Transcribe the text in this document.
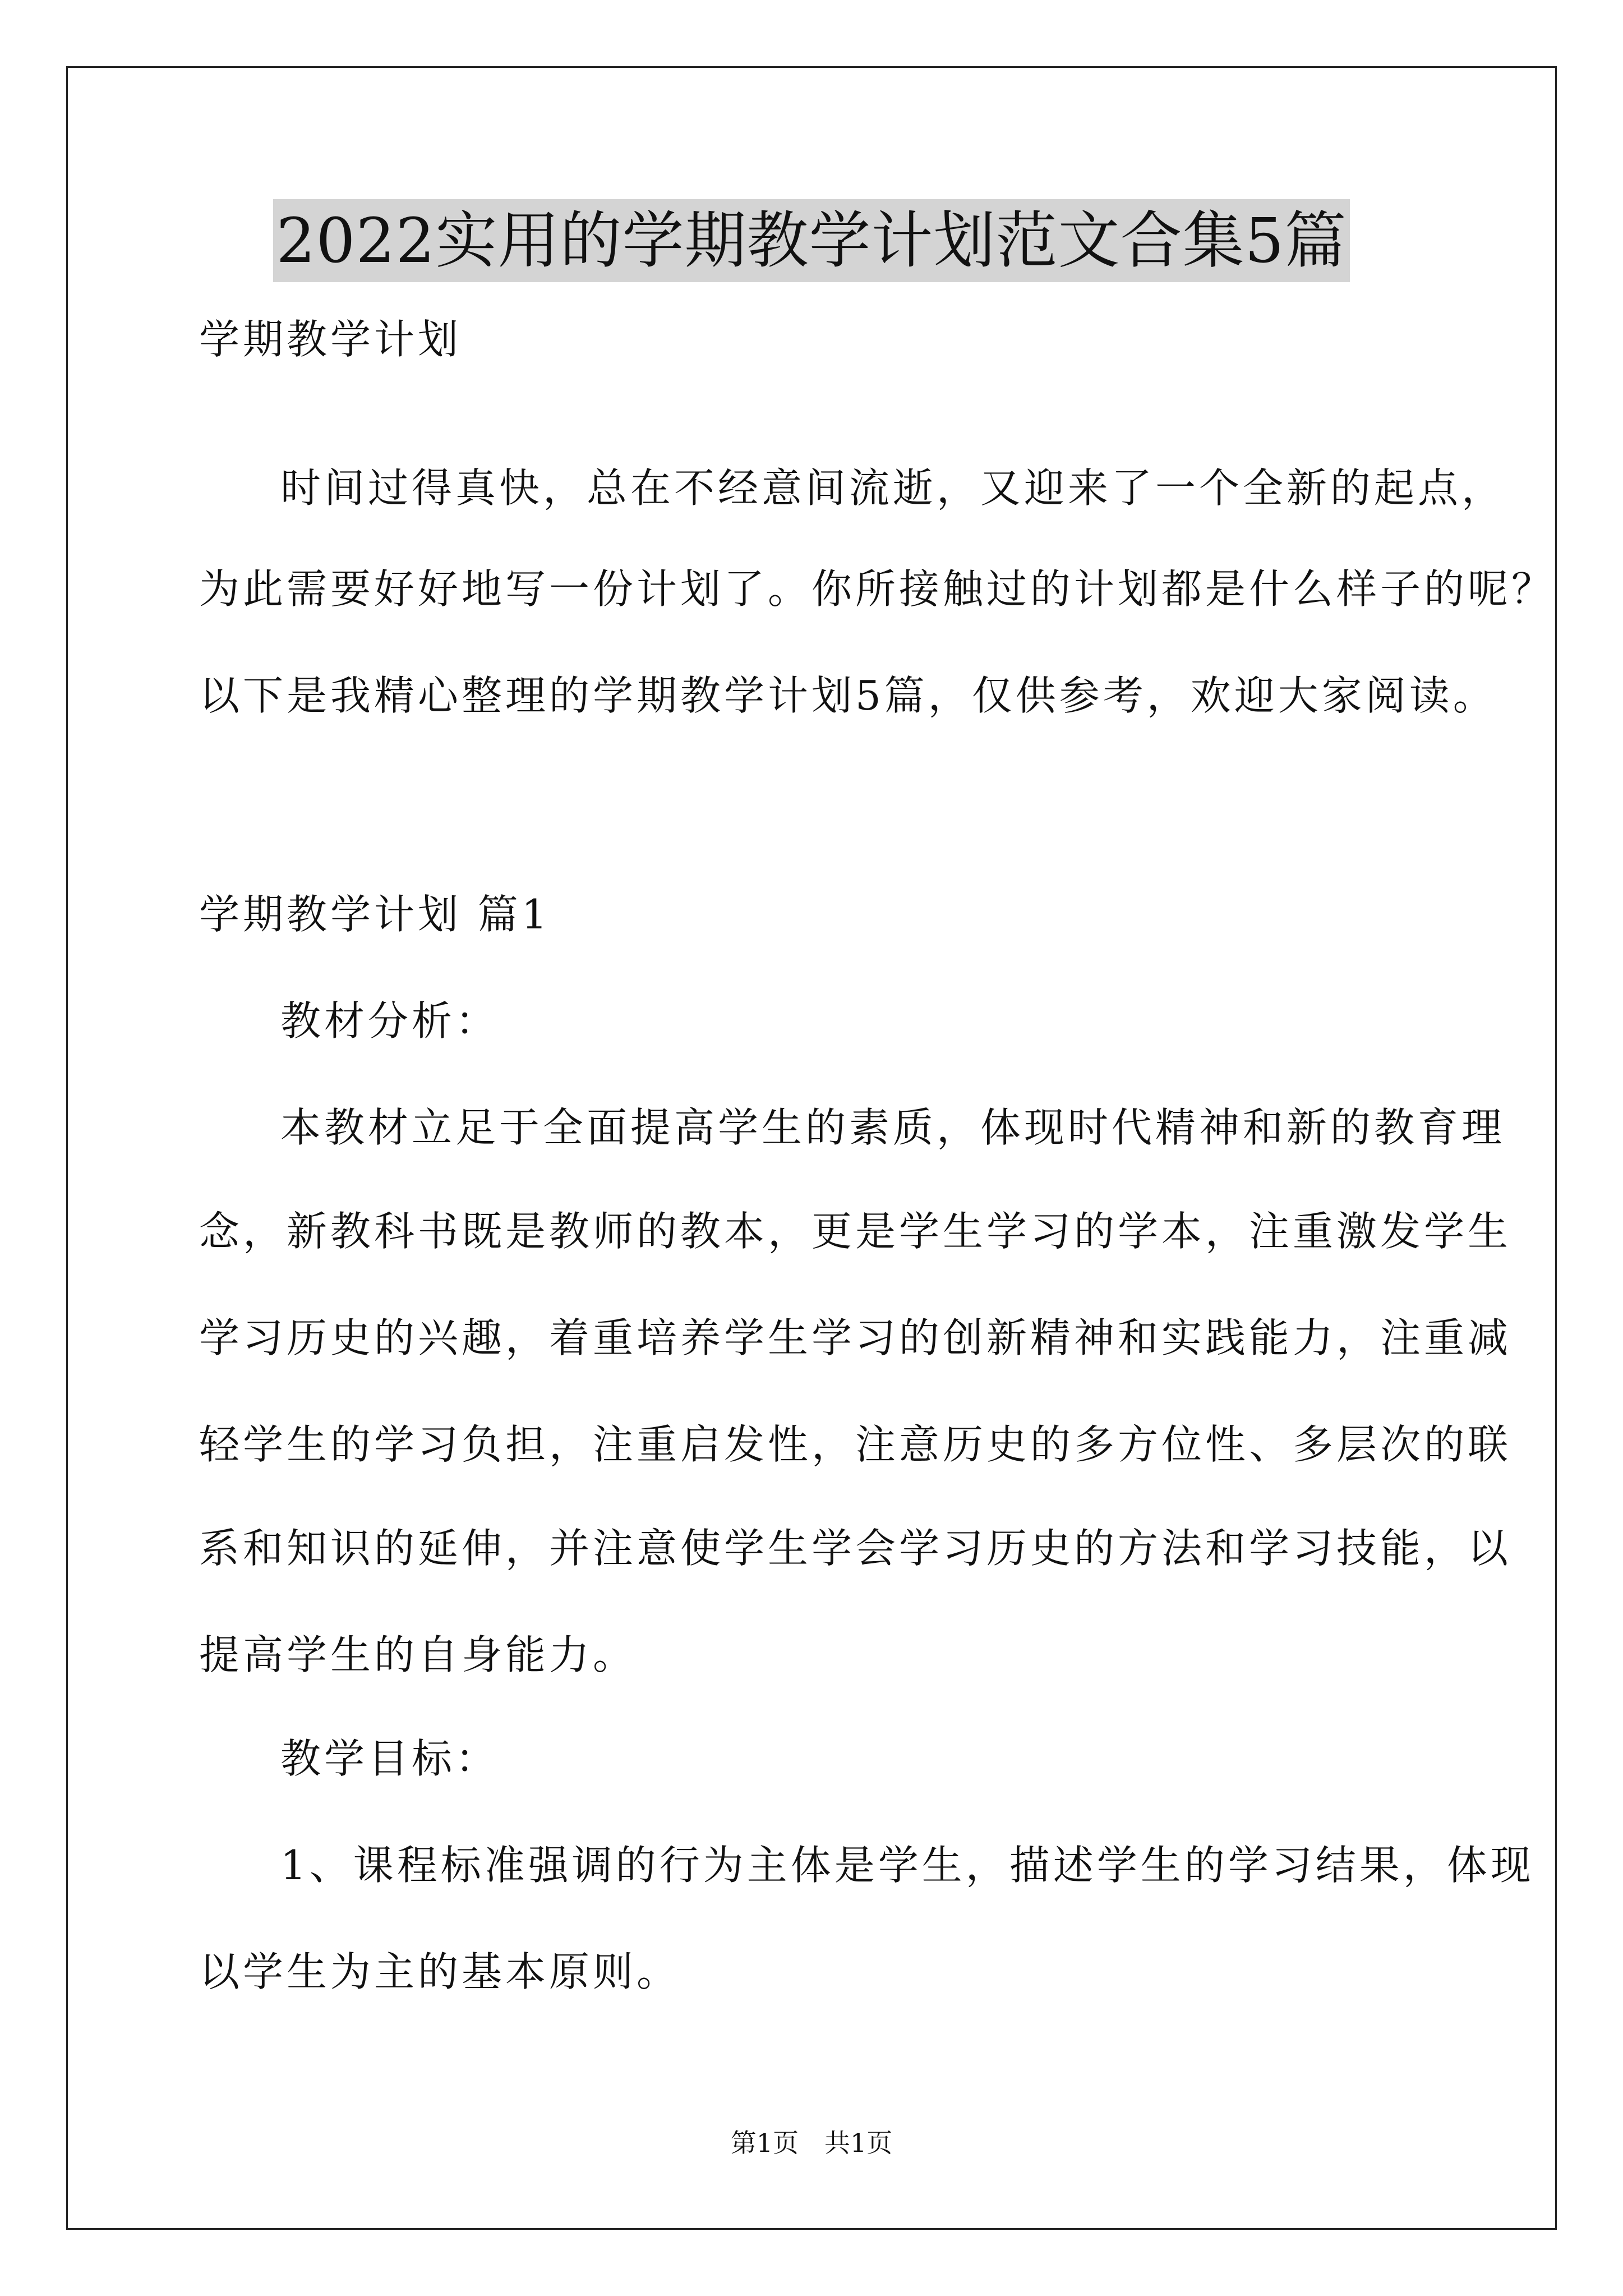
2022实用的学期教学计划范文合集5篇
学期教学计划
时间过得真快，总在不经意间流逝，又迎来了一个全新的起点，
为此需要好好地写一份计划了。你所接触过的计划都是什么样子的呢？
以下是我精心整理的学期教学计划5篇，仅供参考，欢迎大家阅读。
学期教学计划 篇1
教材分析：
本教材立足于全面提高学生的素质，体现时代精神和新的教育理
念，新教科书既是教师的教本，更是学生学习的学本，注重激发学生
学习历史的兴趣，着重培养学生学习的创新精神和实践能力，注重减
轻学生的学习负担，注重启发性，注意历史的多方位性、多层次的联
系和知识的延伸，并注意使学生学会学习历史的方法和学习技能，以
提高学生的自身能力。
教学目标：
1、课程标准强调的行为主体是学生，描述学生的学习结果，体现
以学生为主的基本原则。
第1页　共1页
